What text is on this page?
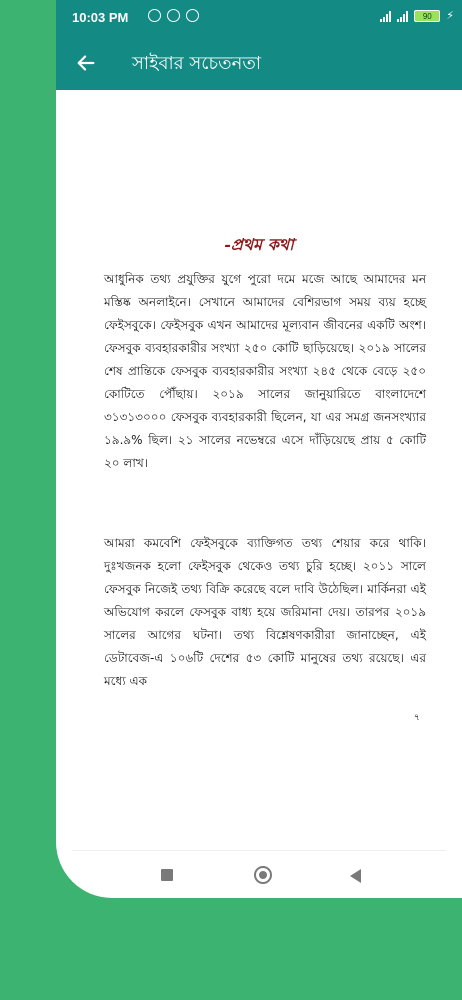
10:03 PM	90	⚡
সাইবার সচেতনতা
-প্রথম কথা

আধুনিক তথ্য প্রযুক্তির যুগে পুরো দমে মজে আছে আমাদের মন মস্তিষ্ক অনলাইনে। সেখানে আমাদের বেশিরভাগ সময় ব্যয় হচ্ছে ফেইসবুকে। ফেইসবুক এখন আমাদের মূল্যবান জীবনের একটি অংশ। ফেসবুক ব্যবহারকারীর সংখ্যা ২৫০ কোটি ছাড়িয়েছে। ২০১৯ সালের শেষ প্রান্তিকে ফেসবুক ব্যবহারকারীর সংখ্যা ২৪৫ থেকে বেড়ে ২৫০ কোটিতে পৌঁছায়। ২০১৯ সালের জানুয়ারিতে বাংলাদেশে ৩১৩১৩০০০ ফেসবুক ব্যবহারকারী ছিলেন, যা এর সমগ্র জনসংখ্যার ১৯.৯% ছিল। ২১ সালের নভেম্বরে এসে দাঁড়িয়েছে প্রায় ৫ কোটি ২০ লাখ।

আমরা কমবেশি ফেইসবুকে ব্যাক্তিগত তথ্য শেয়ার করে থাকি। দুঃখজনক হলো ফেইসবুক থেকেও তথ্য চুরি হচ্ছে। ২০১১ সালে ফেসবুক নিজেই তথ্য বিক্রি করেছে বলে দাবি উঠেছিল। মার্কিনরা এই অভিযোগ করলে ফেসবুক বাধ্য হয়ে জরিমানা দেয়। তারপর ২০১৯ সালের আগের ঘটনা। তথ্য বিশ্লেষণকারীরা জানাচ্ছেন, এই ডেটাবেজ-এ ১০৬টি দেশের ৫৩ কোটি মানুষের তথ্য রয়েছে। এর মধ্যে এক

৭
